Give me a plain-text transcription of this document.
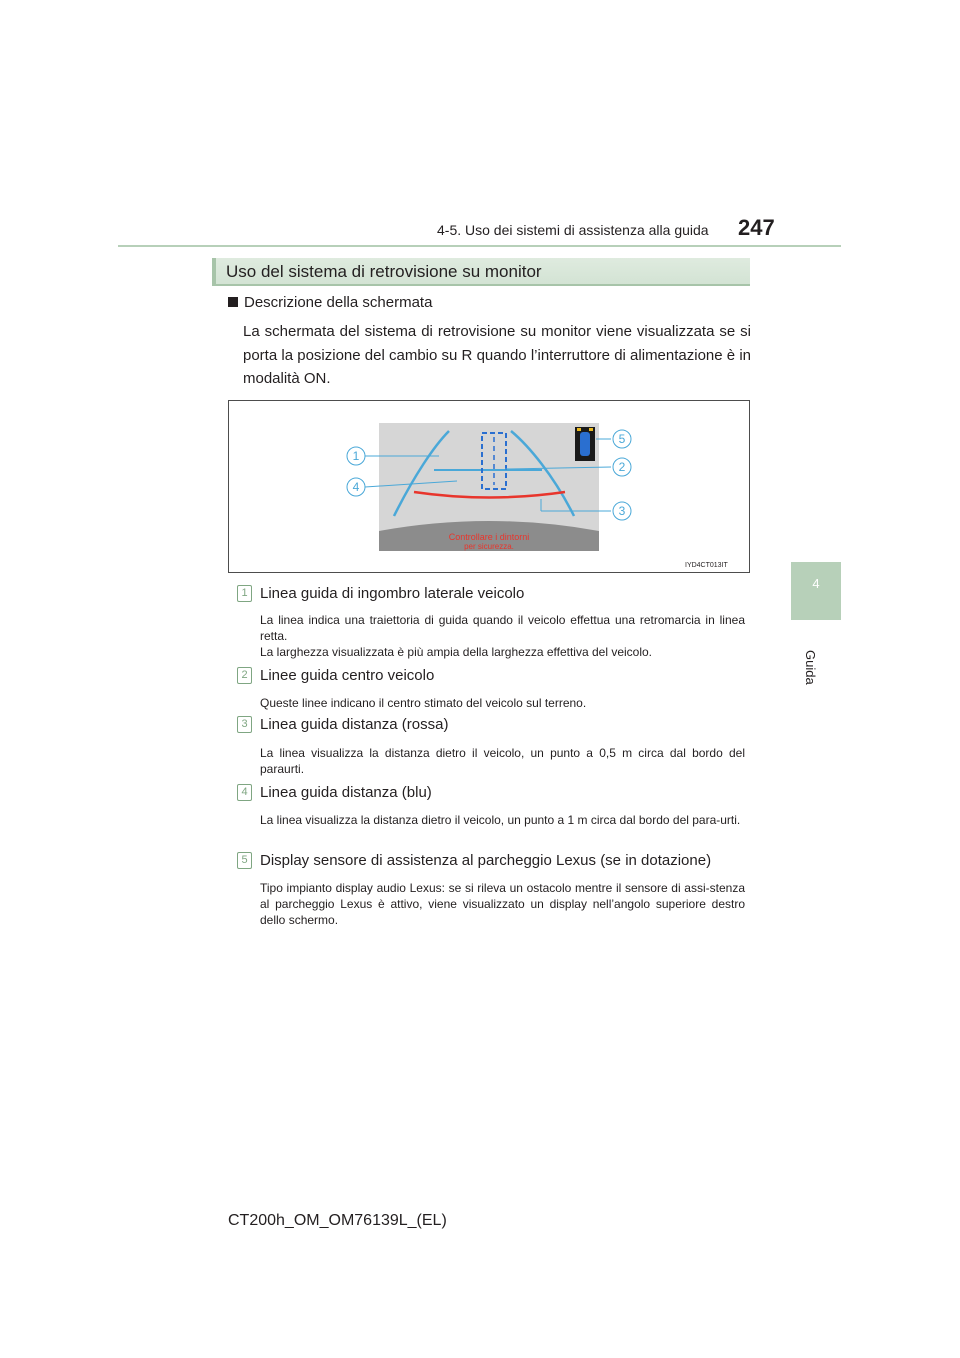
4-5. Uso dei sistemi di assistenza alla guida 247
4
Guida
Uso del sistema di retrovisione su monitor
Descrizione della schermata
La schermata del sistema di retrovisione su monitor viene visualizzata se si porta la posizione del cambio su R quando l’interruttore di alimentazione è in modalità ON.
Controllare i dintorni
per sicurezza.
1
4
5
2
3
IYD4CT013IT
1 Linea guida di ingombro laterale veicolo
La linea indica una traiettoria di guida quando il veicolo effettua una retromarcia in linea retta.
La larghezza visualizzata è più ampia della larghezza effettiva del veicolo.
2 Linee guida centro veicolo
Queste linee indicano il centro stimato del veicolo sul terreno.
3 Linea guida distanza (rossa)
La linea visualizza la distanza dietro il veicolo, un punto a 0,5 m circa dal bordo del paraurti.
4 Linea guida distanza (blu)
La linea visualizza la distanza dietro il veicolo, un punto a 1 m circa dal bordo del para-urti.
5 Display sensore di assistenza al parcheggio Lexus (se in dotazione)
Tipo impianto display audio Lexus: se si rileva un ostacolo mentre il sensore di assi-stenza al parcheggio Lexus è attivo, viene visualizzato un display nell’angolo superiore destro dello schermo.
CT200h_OM_OM76139L_(EL)
carmanualsonline.info
